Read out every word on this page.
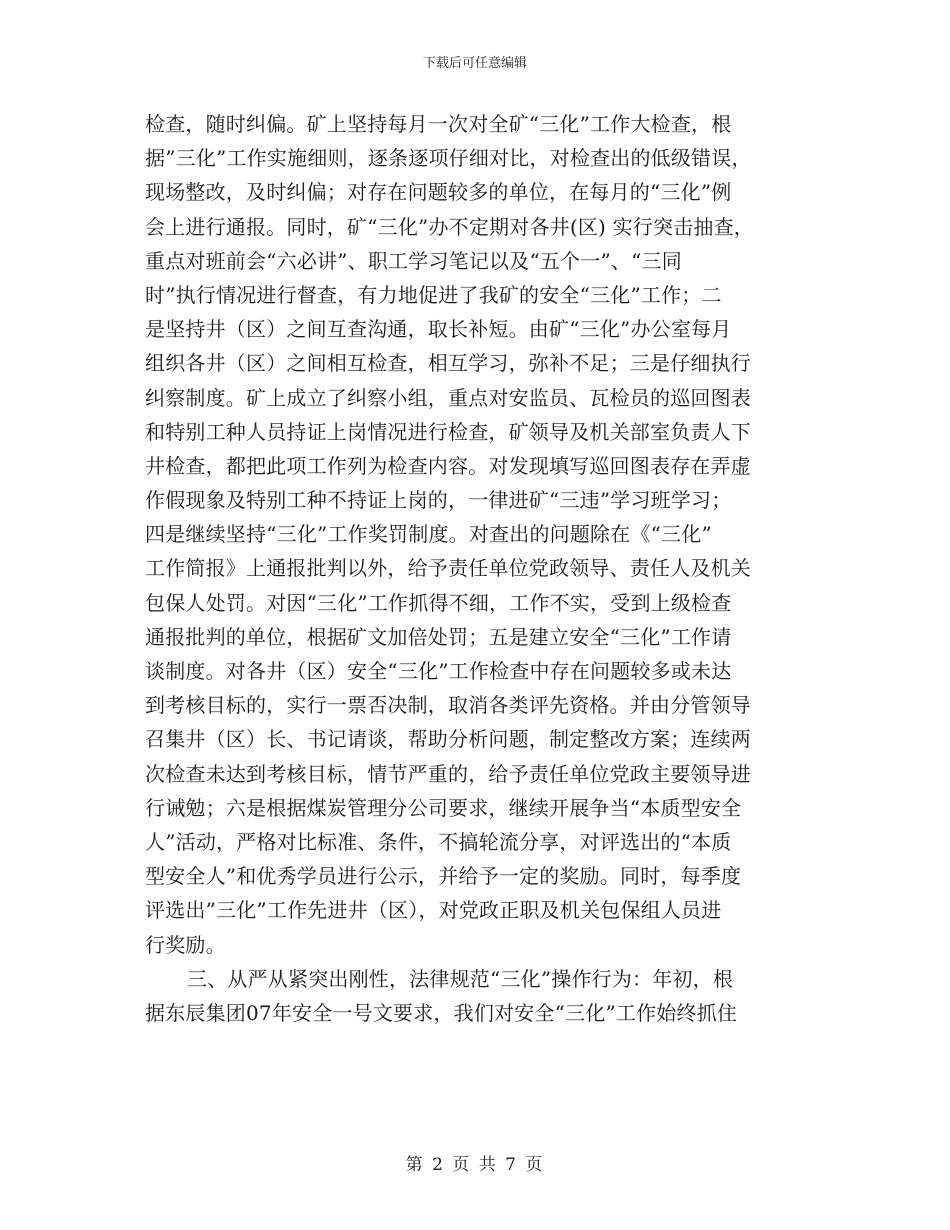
下载后可任意编辑
检查，随时纠偏。矿上坚持每月一次对全矿“三化”工作大检查，根
据”三化”工作实施细则，逐条逐项仔细对比，对检查出的低级错误，
现场整改，及时纠偏；对存在问题较多的单位，在每月的“三化”例
会上进行通报。同时，矿“三化”办不定期对各井(区) 实行突击抽查，
重点对班前会“六必讲”、职工学习笔记以及“五个一”、“三同
时”执行情况进行督查，有力地促进了我矿的安全“三化”工作；二
是坚持井（区）之间互查沟通，取长补短。由矿“三化”办公室每月
组织各井（区）之间相互检查，相互学习，弥补不足；三是仔细执行
纠察制度。矿上成立了纠察小组，重点对安监员、瓦检员的巡回图表
和特别工种人员持证上岗情况进行检查，矿领导及机关部室负责人下
井检查，都把此项工作列为检查内容。对发现填写巡回图表存在弄虚
作假现象及特别工种不持证上岗的，一律进矿“三违”学习班学习；
四是继续坚持“三化”工作奖罚制度。对查出的问题除在《“三化”
工作简报》上通报批判以外，给予责任单位党政领导、责任人及机关
包保人处罚。对因“三化”工作抓得不细，工作不实，受到上级检查
通报批判的单位，根据矿文加倍处罚；五是建立安全“三化”工作请
谈制度。对各井（区）安全“三化”工作检查中存在问题较多或未达
到考核目标的，实行一票否决制，取消各类评先资格。并由分管领导
召集井（区）长、书记请谈，帮助分析问题，制定整改方案；连续两
次检查未达到考核目标，情节严重的，给予责任单位党政主要领导进
行诫勉；六是根据煤炭管理分公司要求，继续开展争当“本质型安全
人”活动，严格对比标准、条件，不搞轮流分享，对评选出的“本质
型安全人”和优秀学员进行公示，并给予一定的奖励。同时，每季度
评选出”三化”工作先进井（区），对党政正职及机关包保组人员进
行奖励。
三、从严从紧突出刚性，法律规范“三化”操作行为：年初，根
据东辰集团07年安全一号文要求，我们对安全“三化”工作始终抓住
第 2 页 共 7 页
